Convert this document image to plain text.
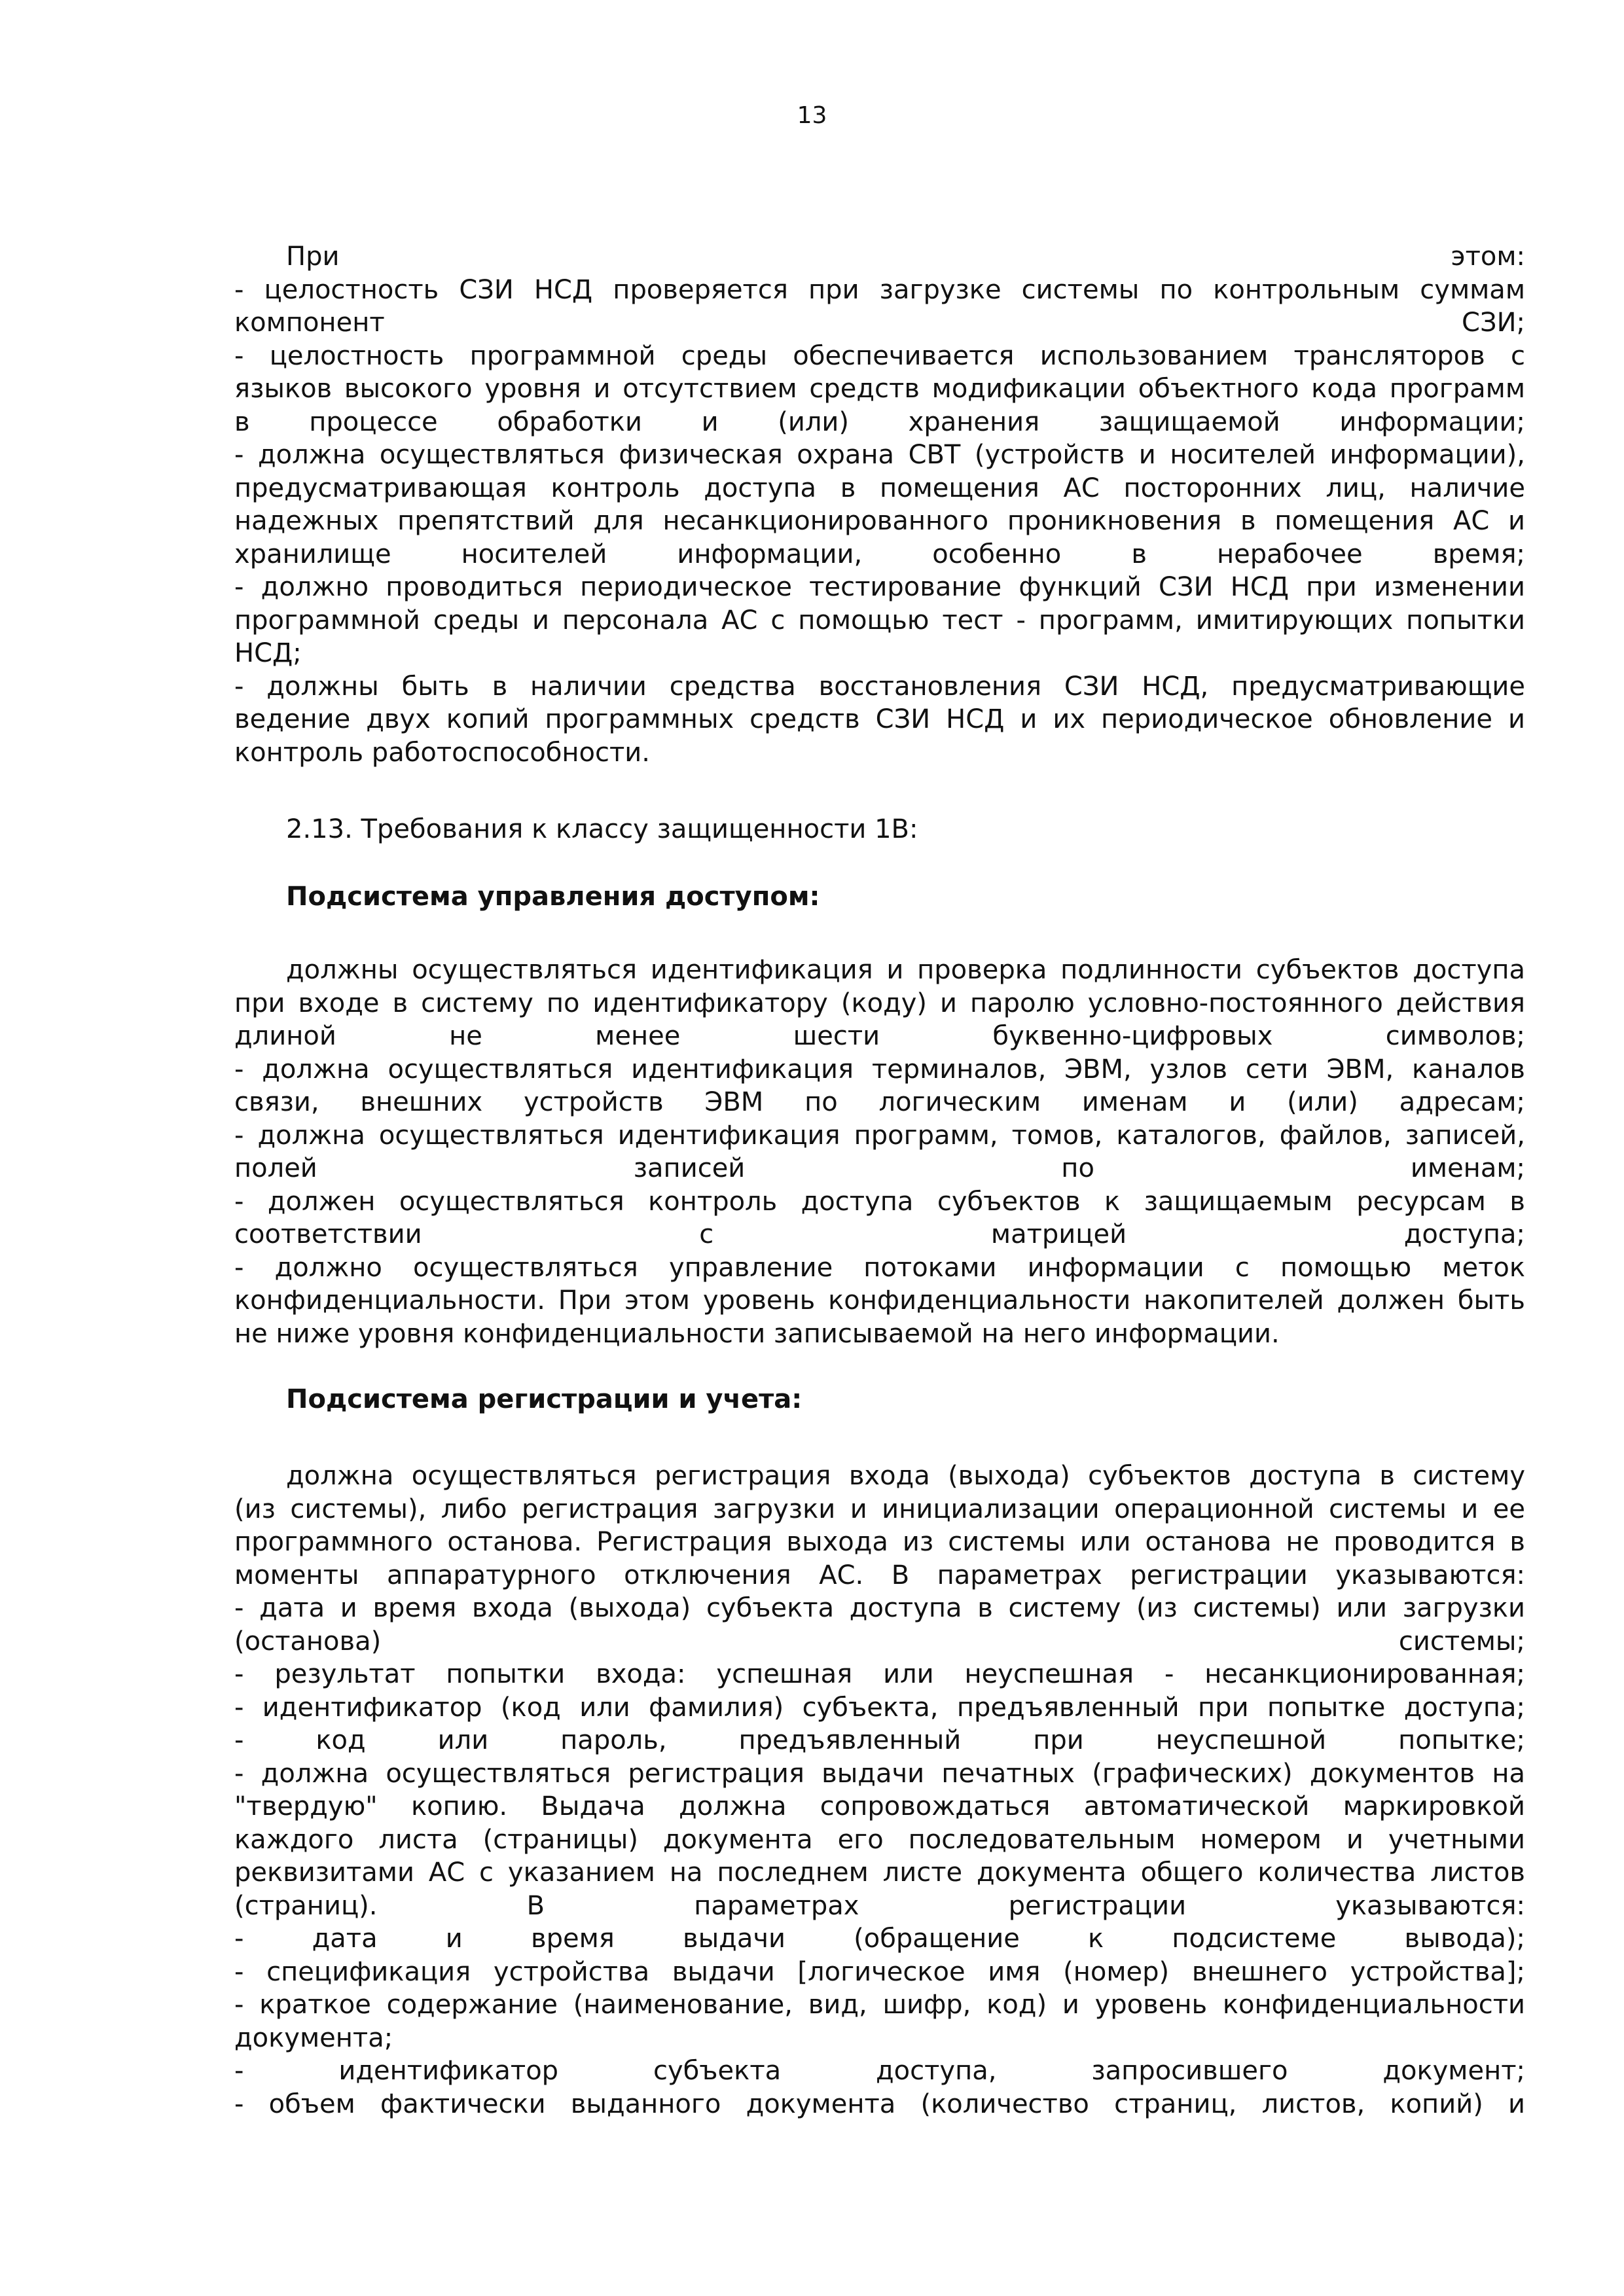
13
При этом:
- целостность СЗИ НСД проверяется при загрузке системы по контрольным суммам
компонент СЗИ;
- целостность программной среды обеспечивается использованием трансляторов с
языков высокого уровня и отсутствием средств модификации объектного кода программ
в процессе обработки и (или) хранения защищаемой информации;
- должна осуществляться физическая охрана СВТ (устройств и носителей информации),
предусматривающая контроль доступа в помещения АС посторонних лиц, наличие
надежных препятствий для несанкционированного проникновения в помещения АС и
хранилище носителей информации, особенно в нерабочее время;
- должно проводиться периодическое тестирование функций СЗИ НСД при изменении
программной среды и персонала АС с помощью тест - программ, имитирующих попытки
НСД;
- должны быть в наличии средства восстановления СЗИ НСД, предусматривающие
ведение двух копий программных средств СЗИ НСД и их периодическое обновление и
контроль работоспособности.
2.13. Требования к классу защищенности 1В:
Подсистема управления доступом:
должны осуществляться идентификация и проверка подлинности субъектов доступа
при входе в систему по идентификатору (коду) и паролю условно-постоянного действия
длиной не менее шести буквенно-цифровых символов;
- должна осуществляться идентификация терминалов, ЭВМ, узлов сети ЭВМ, каналов
связи, внешних устройств ЭВМ по логическим именам и (или) адресам;
- должна осуществляться идентификация программ, томов, каталогов, файлов, записей,
полей записей по именам;
- должен осуществляться контроль доступа субъектов к защищаемым ресурсам в
соответствии с матрицей доступа;
- должно осуществляться управление потоками информации с помощью меток
конфиденциальности. При этом уровень конфиденциальности накопителей должен быть
не ниже уровня конфиденциальности записываемой на него информации.
Подсистема регистрации и учета:
должна осуществляться регистрация входа (выхода) субъектов доступа в систему
(из системы), либо регистрация загрузки и инициализации операционной системы и ее
программного останова. Регистрация выхода из системы или останова не проводится в
моменты аппаратурного отключения АС. В параметрах регистрации указываются:
- дата и время входа (выхода) субъекта доступа в систему (из системы) или загрузки
(останова) системы;
- результат попытки входа: успешная или неуспешная - несанкционированная;
- идентификатор (код или фамилия) субъекта, предъявленный при попытке доступа;
- код или пароль, предъявленный при неуспешной попытке;
- должна осуществляться регистрация выдачи печатных (графических) документов на
"твердую" копию. Выдача должна сопровождаться автоматической маркировкой
каждого листа (страницы) документа его последовательным номером и учетными
реквизитами АС с указанием на последнем листе документа общего количества листов
(страниц). В параметрах регистрации указываются:
- дата и время выдачи (обращение к подсистеме вывода);
- спецификация устройства выдачи [логическое имя (номер) внешнего устройства];
- краткое содержание (наименование, вид, шифр, код) и уровень конфиденциальности
документа;
- идентификатор субъекта доступа, запросившего документ;
- объем фактически выданного документа (количество страниц, листов, копий) и
